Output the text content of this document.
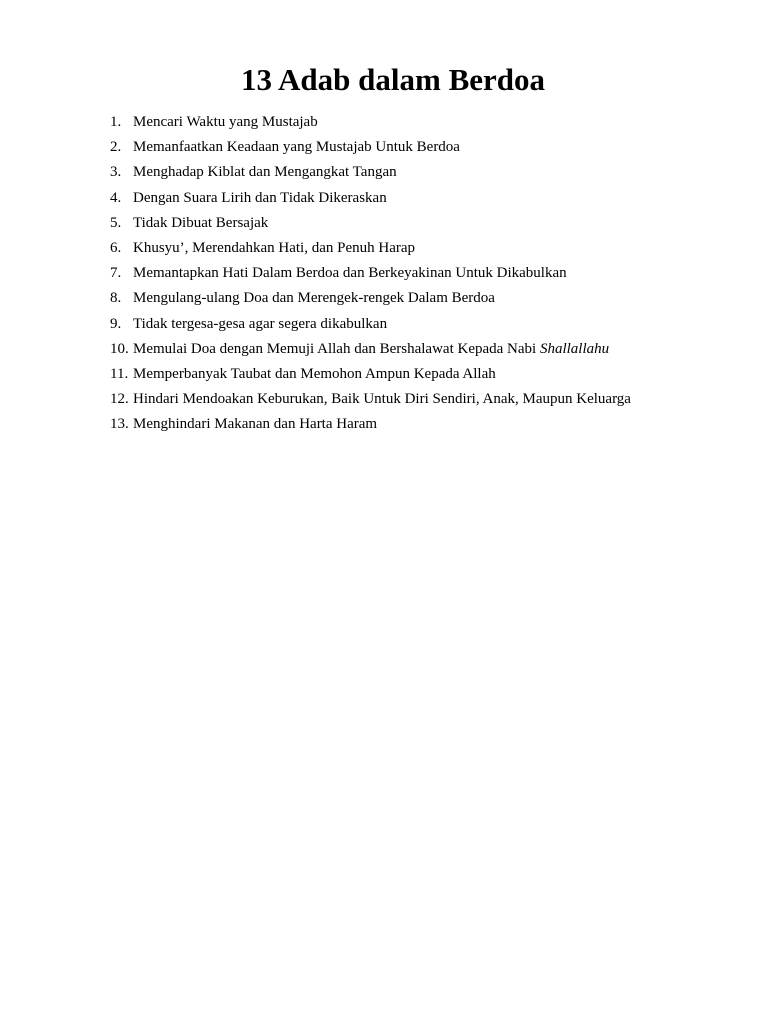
13 Adab dalam Berdoa
1. Mencari Waktu yang Mustajab
2. Memanfaatkan Keadaan yang Mustajab Untuk Berdoa
3. Menghadap Kiblat dan Mengangkat Tangan
4. Dengan Suara Lirih dan Tidak Dikeraskan
5. Tidak Dibuat Bersajak
6. Khusyu’, Merendahkan Hati, dan Penuh Harap
7. Memantapkan Hati Dalam Berdoa dan Berkeyakinan Untuk Dikabulkan
8. Mengulang-ulang Doa dan Merengek-rengek Dalam Berdoa
9. Tidak tergesa-gesa agar segera dikabulkan
10. Memulai Doa dengan Memuji Allah dan Bershalawat Kepada Nabi Shallallahu
11. Memperbanyak Taubat dan Memohon Ampun Kepada Allah
12. Hindari Mendoakan Keburukan, Baik Untuk Diri Sendiri, Anak, Maupun Keluarga
13. Menghindari Makanan dan Harta Haram
